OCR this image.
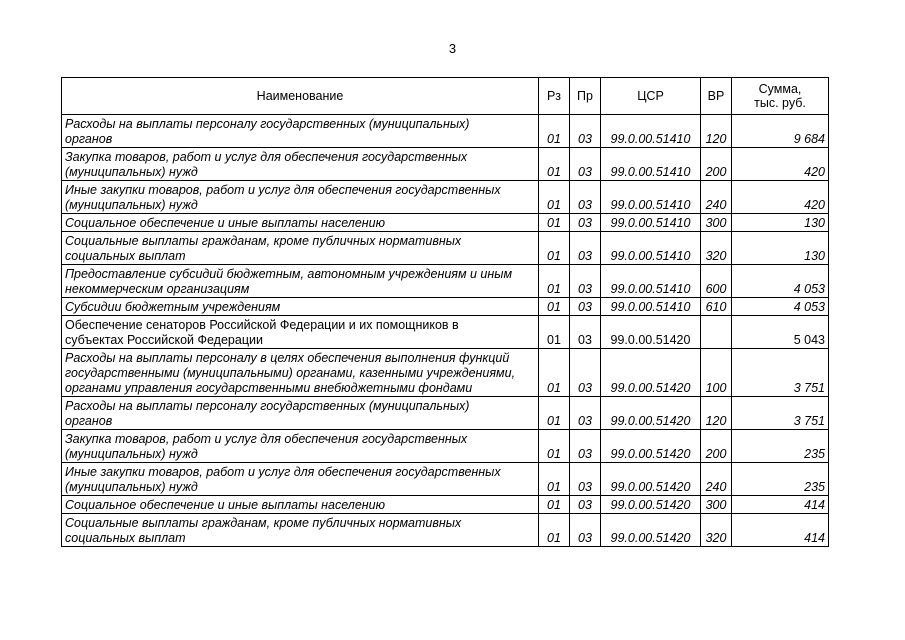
3
Наименование	Рз	Пр	ЦСР	ВР	Сумма,
тыс. руб.

Расходы на выплаты персоналу государственных (муниципальных)
органов	01	03	99.0.00.51410	120	9 684

Закупка товаров, работ и услуг для обеспечения государственных
(муниципальных) нужд	01	03	99.0.00.51410	200	420

Иные закупки товаров, работ и услуг для обеспечения государственных
(муниципальных) нужд	01	03	99.0.00.51410	240	420

Социальное обеспечение и иные выплаты населению	01	03	99.0.00.51410	300	130

Социальные выплаты гражданам, кроме публичных нормативных
социальных выплат	01	03	99.0.00.51410	320	130

Предоставление субсидий бюджетным, автономным учреждениям и иным
некоммерческим организациям	01	03	99.0.00.51410	600	4 053

Субсидии бюджетным учреждениям	01	03	99.0.00.51410	610	4 053

Обеспечение сенаторов Российской Федерации и их помощников в
субъектах Российской Федерации	01	03	99.0.00.51420		5 043

Расходы на выплаты персоналу в целях обеспечения выполнения функций
государственными (муниципальными) органами, казенными учреждениями,
органами управления государственными внебюджетными фондами	01	03	99.0.00.51420	100	3 751

Расходы на выплаты персоналу государственных (муниципальных)
органов	01	03	99.0.00.51420	120	3 751

Закупка товаров, работ и услуг для обеспечения государственных
(муниципальных) нужд	01	03	99.0.00.51420	200	235

Иные закупки товаров, работ и услуг для обеспечения государственных
(муниципальных) нужд	01	03	99.0.00.51420	240	235

Социальное обеспечение и иные выплаты населению	01	03	99.0.00.51420	300	414

Социальные выплаты гражданам, кроме публичных нормативных
социальных выплат	01	03	99.0.00.51420	320	414
